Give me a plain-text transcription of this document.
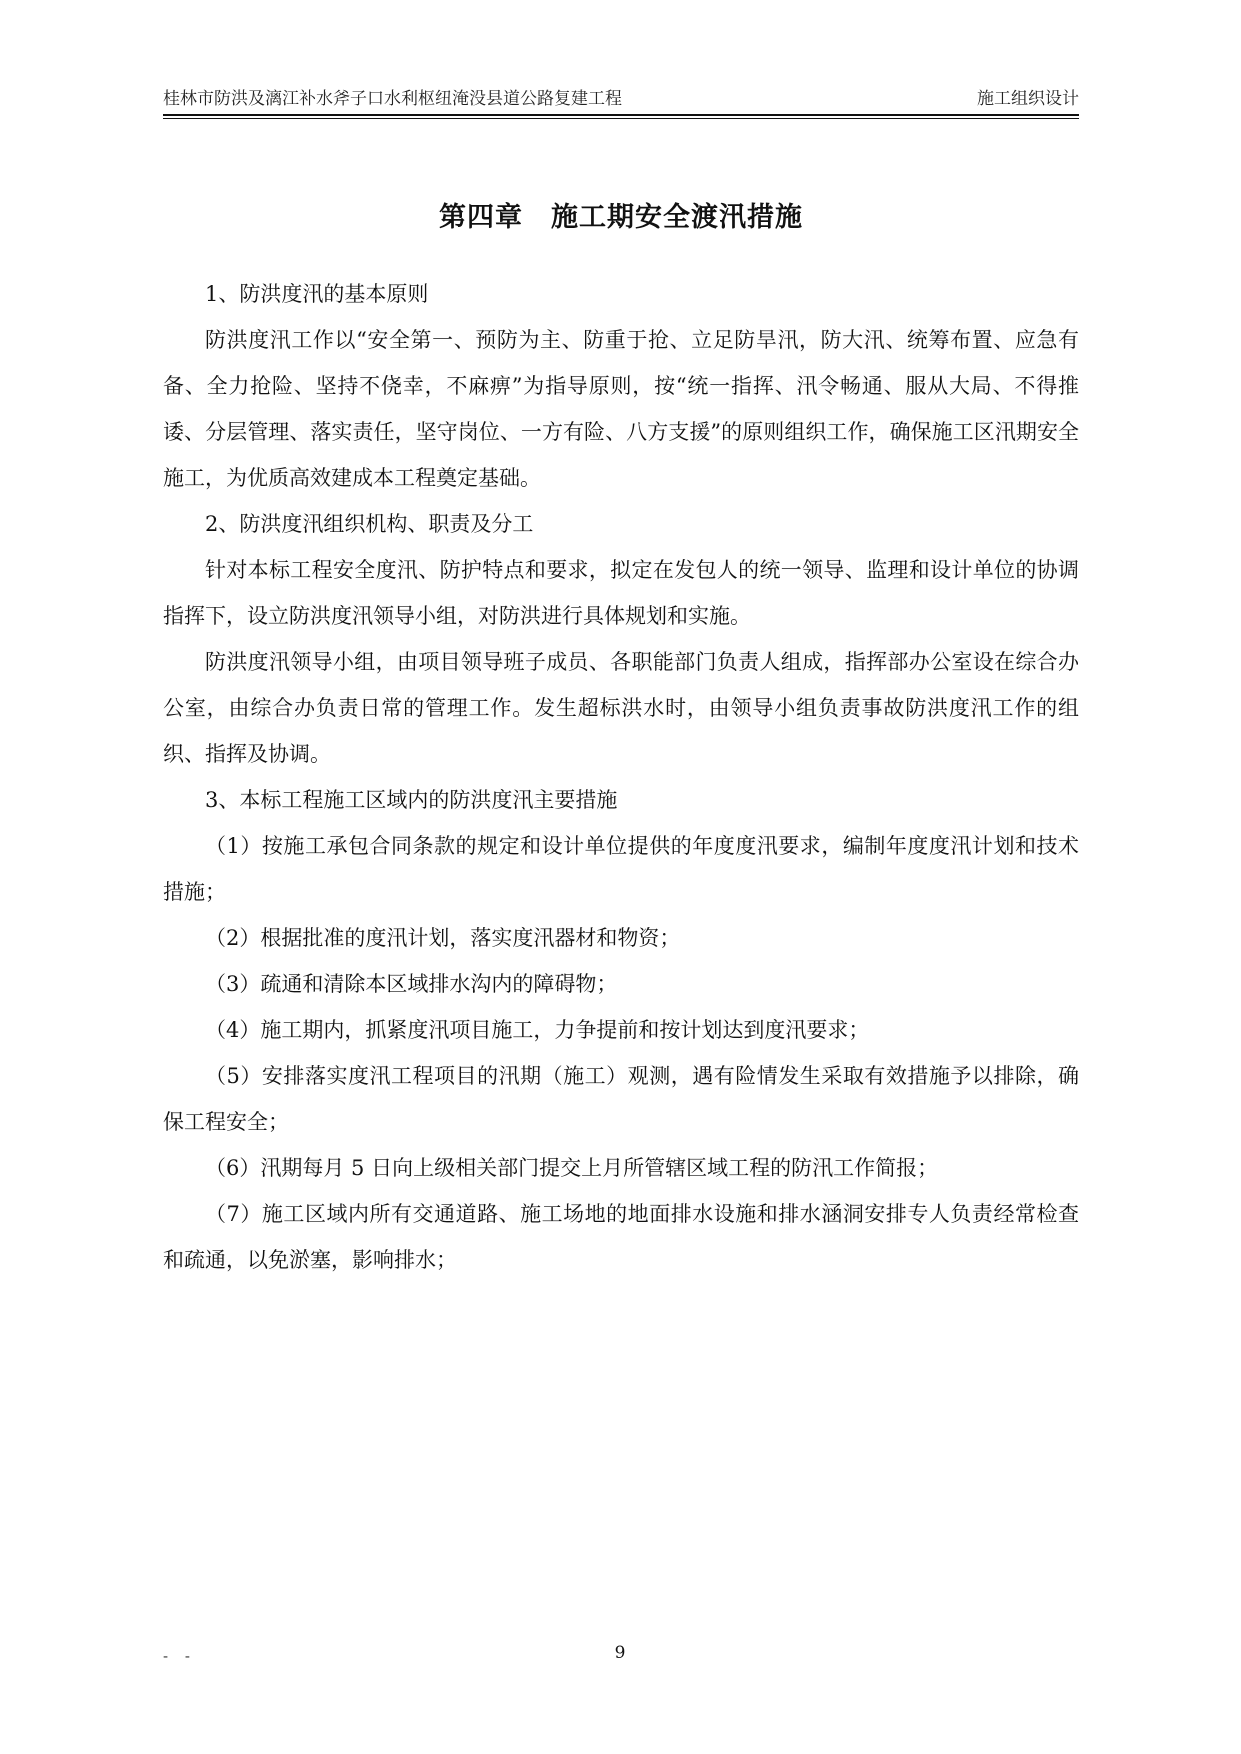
桂林市防洪及漓江补水斧子口水利枢纽淹没县道公路复建工程	施工组织设计
第四章　施工期安全渡汛措施

1、防洪度汛的基本原则

防洪度汛工作以“安全第一、预防为主、防重于抢、立足防旱汛，防大汛、统筹布置、应急有备、全力抢险、坚持不侥幸，不麻痹”为指导原则，按“统一指挥、汛令畅通、服从大局、不得推诿、分层管理、落实责任，坚守岗位、一方有险、八方支援”的原则组织工作，确保施工区汛期安全施工，为优质高效建成本工程奠定基础。

2、防洪度汛组织机构、职责及分工

针对本标工程安全度汛、防护特点和要求，拟定在发包人的统一领导、监理和设计单位的协调指挥下，设立防洪度汛领导小组，对防洪进行具体规划和实施。

防洪度汛领导小组，由项目领导班子成员、各职能部门负责人组成，指挥部办公室设在综合办公室，由综合办负责日常的管理工作。发生超标洪水时，由领导小组负责事故防洪度汛工作的组织、指挥及协调。

3、本标工程施工区域内的防洪度汛主要措施

（1）按施工承包合同条款的规定和设计单位提供的年度度汛要求，编制年度度汛计划和技术措施；

（2）根据批准的度汛计划，落实度汛器材和物资；

（3）疏通和清除本区域排水沟内的障碍物；

（4）施工期内，抓紧度汛项目施工，力争提前和按计划达到度汛要求；

（5）安排落实度汛工程项目的汛期（施工）观测，遇有险情发生采取有效措施予以排除，确保工程安全；

（6）汛期每月 5 日向上级相关部门提交上月所管辖区域工程的防汛工作简报；

（7）施工区域内所有交通道路、施工场地的地面排水设施和排水涵洞安排专人负责经常检查和疏通，以免淤塞，影响排水；

- -	9
